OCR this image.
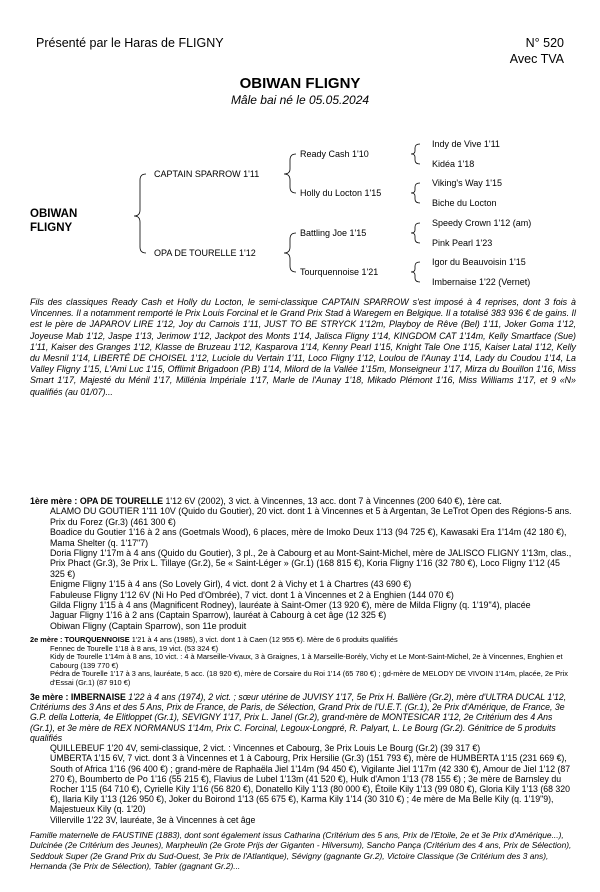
Présenté par le Haras de FLIGNY	N° 520
Avec TVA
OBIWAN FLIGNY
Mâle bai né le 05.05.2024
OBIWAN
FLIGNY
CAPTAIN SPARROW 1'11
OPA DE TOURELLE 1'12
Ready Cash 1'10
Holly du Locton 1'15
Battling Joe 1'15
Tourquennoise 1'21
Indy de Vive 1'11
Kidéa 1'18
Viking's Way 1'15
Biche du Locton
Speedy Crown 1'12 (am)
Pink Pearl 1'23
Igor du Beauvoisin 1'15
Imbernaise 1'22 (Vernet)
Fils des classiques Ready Cash et Holly du Locton, le semi-classique CAPTAIN SPARROW s'est imposé à 4 reprises, dont 3 fois à Vincennes. Il a notamment remporté le Prix Louis Forcinal et le Grand Prix Stad à Waregem en Belgique. Il a totalisé 383 936 € de gains. Il est le père de JAPAROV LIRE 1'12, Joy du Carnois 1'11, JUST TO BE STRYCK 1'12m, Playboy de Rêve (Bel) 1'11, Joker Goma 1'12, Joyeuse Mab 1'12, Jaspe 1'13, Jerimow 1'12, Jackpot des Monts 1'14, Jalisca Fligny 1'14, KINGDOM CAT 1'14m, Kelly Smartface (Sue) 1'11, Kaiser des Granges 1'12, Klasse de Bruzeau 1'12, Kasparova 1'14, Kenny Pearl 1'15, Knight Tale One 1'15, Kaiser Latal 1'12, Kelly du Mesnil 1'14, LIBERTÉ DE CHOISEL 1'12, Luciole du Vertain 1'11, Loco Fligny 1'12, Loulou de l'Aunay 1'14, Lady du Coudou 1'14, La Valley Fligny 1'15, L'Ami Luc 1'15, Offlimit Brigadoon (P.B) 1'14, Milord de la Vallée 1'15m, Monseigneur 1'17, Mirza du Bouillon 1'16, Miss Smart 1'17, Majesté du Ménil 1'17, Millénia Impériale 1'17, Marle de l'Aunay 1'18, Mikado Plémont 1'16, Miss Williams 1'17, et 9 «N» qualifiés (au 01/07)...

1ère mère : OPA DE TOURELLE 1'12 6V (2002), 3 vict. à Vincennes, 13 acc. dont 7 à Vincennes (200 640 €), 1ère cat.

ALAMO DU GOUTIER 1'11 10V (Quido du Goutier), 20 vict. dont 1 à Vincennes et 5 à Argentan, 3e LeTrot Open des Régions-5 ans. Prix du Forez (Gr.3) (461 300 €)

Boadice du Goutier 1'16 à 2 ans (Goetmals Wood), 6 places, mère de Imoko Deux 1'13 (94 725 €), Kawasaki Era 1'14m (42 180 €), Mama Shelter (q. 1'17"7)

Doria Fligny 1'17m à 4 ans (Quido du Goutier), 3 pl., 2e à Cabourg et au Mont-Saint-Michel, mère de JALISCO FLIGNY 1'13m, clas., Prix Phact (Gr.3), 3e Prix L. Tillaye (Gr.2), 5e « Saint-Léger » (Gr.1) (168 815 €), Koria Fligny 1'16 (32 780 €), Loco Fligny 1'12 (45 325 €)

Enigme Fligny 1'15 à 4 ans (So Lovely Girl), 4 vict. dont 2 à Vichy et 1 à Chartres (43 690 €)

Fabuleuse Fligny 1'12 6V (Ni Ho Ped d'Ombrée), 7 vict. dont 1 à Vincennes et 2 à Enghien (144 070 €)

Gilda Fligny 1'15 à 4 ans (Magnificent Rodney), lauréate à Saint-Omer (13 920 €), mère de Milda Fligny (q. 1'19"4), placée

Jaguar Fligny 1'16 à 2 ans (Captain Sparrow), lauréat à Cabourg à cet âge (12 325 €)

Obiwan Fligny (Captain Sparrow), son 11e produit

2e mère : TOURQUENNOISE 1'21 à 4 ans (1985), 3 vict. dont 1 à Caen (12 955 €). Mère de 6 produits qualifiés

Fennec de Tourelle 1'18 à 8 ans, 19 vict. (53 324 €)

Kidy de Tourelle 1'14m à 8 ans, 10 vict. : 4 à Marseille-Vivaux, 3 à Graignes, 1 à Marseille-Borély, Vichy et Le Mont-Saint-Michel, 2e à Vincennes, Enghien et Cabourg (139 770 €)

Pédra de Tourelle 1'17 à 3 ans, lauréate, 5 acc. (18 920 €), mère de Corsaire du Roi 1'14 (65 780 €) ; gd-mère de MELODY DE VIVOIN 1'14m, placée, 2e Prix d'Essai (Gr.1) (87 910 €)

3e mère : IMBERNAISE 1'22 à 4 ans (1974), 2 vict. ; sœur utérine de JUVISY 1'17, 5e Prix H. Ballière (Gr.2), mère d'ULTRA DUCAL 1'12, Critériums des 3 Ans et des 5 Ans, Prix de France, de Paris, de Sélection, Grand Prix de l'U.E.T. (Gr.1), 2e Prix d'Amérique, de France, 3e G.P. della Lotteria, 4e Elitloppet (Gr.1), SEVIGNY 1'17, Prix L. Janel (Gr.2), grand-mère de MONTESICAR 1'12, 2e Critérium des 4 Ans (Gr.1), et 3e mère de REX NORMANUS 1'14m, Prix C. Forcinal, Legoux-Longpré, R. Palyart, L. Le Bourg (Gr.2). Génitrice de 5 produits qualifiés

QUILLEBEUF 1'20 4V, semi-classique, 2 vict. : Vincennes et Cabourg, 3e Prix Louis Le Bourg (Gr.2) (39 317 €)

UMBERTA 1'15 6V, 7 vict. dont 3 à Vincennes et 1 à Cabourg, Prix Hersilie (Gr.3) (151 793 €), mère de HUMBERTA 1'15 (231 669 €), South of Africa 1'16 (96 400 €) ; grand-mère de Raphaëla Jiel 1'14m (94 450 €), Vigilante Jiel 1'17m (42 330 €), Amour de Jiel 1'12 (87 270 €), Boumberto de Po 1'16 (55 215 €), Flavius de Lubel 1'13m (41 520 €), Hulk d'Amon 1'13 (78 155 €) ; 3e mère de Barnsley du Rocher 1'15 (64 710 €), Cyrielle Kily 1'16 (56 820 €), Donatello Kily 1'13 (80 000 €), Étoile Kily 1'13 (99 080 €), Gloria Kily 1'13 (68 320 €), Ilaria Kily 1'13 (126 950 €), Joker du Boirond 1'13 (65 675 €), Karma Kily 1'14 (30 310 €) ; 4e mère de Ma Belle Kily (q. 1'19"9), Majestueux Kily (q. 1'20)

Villerville 1'22 3V, lauréate, 3e à Vincennes à cet âge

Famille maternelle de FAUSTINE (1883), dont sont également issus Catharina (Critérium des 5 ans, Prix de l'Etoile, 2e et 3e Prix d'Amérique...), Dulcinée (2e Critérium des Jeunes), Marpheulin (2e Grote Prijs der Giganten - Hilversum), Sancho Pança (Critérium des 4 ans, Prix de Sélection), Seddouk Super (2e Grand Prix du Sud-Ouest, 3e Prix de l'Atlantique), Sévigny (gagnante Gr.2), Victoire Classique (3e Critérium des 3 ans), Hernanda (3e Prix de Sélection), Tabler (gagnant Gr.2)...
